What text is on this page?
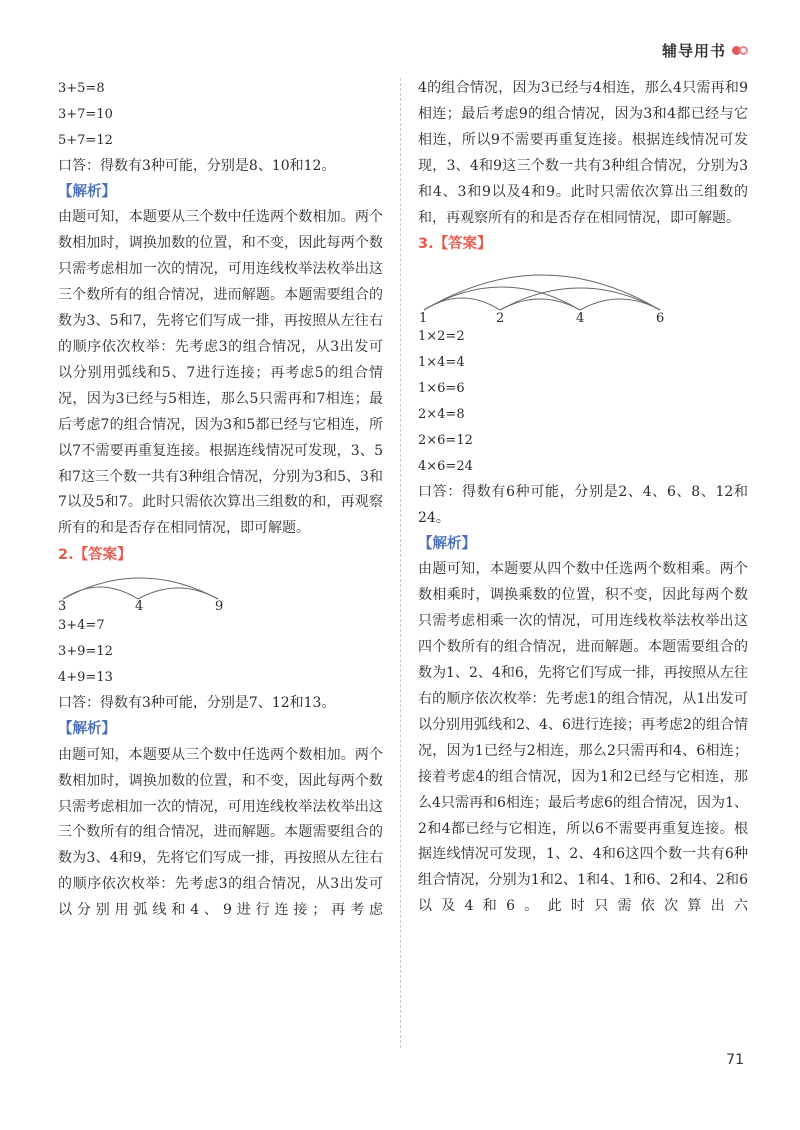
辅导用书
3+5=8
3+7=10
5+7=12
口答：得数有3种可能，分别是8、10和12。
【解析】
由题可知，本题要从三个数中任选两个数相加。两个数相加时，调换加数的位置，和不变，因此每两个数只需考虑相加一次的情况，可用连线枚举法枚举出这三个数所有的组合情况，进而解题。本题需要组合的数为3、5和7，先将它们写成一排，再按照从左往右的顺序依次枚举：先考虑3的组合情况，从3出发可以分别用弧线和5、7进行连接；再考虑5的组合情况，因为3已经与5相连，那么5只需再和7相连；最后考虑7的组合情况，因为3和5都已经与它相连，所以7不需要再重复连接。根据连线情况可发现，3、5和7这三个数一共有3种组合情况，分别为3和5、3和7以及5和7。此时只需依次算出三组数的和，再观察所有的和是否存在相同情况，即可解题。
2.【答案】
3	4	9
3+4=7
3+9=12
4+9=13
口答：得数有3种可能，分别是7、12和13。
【解析】
由题可知，本题要从三个数中任选两个数相加。两个数相加时，调换加数的位置，和不变，因此每两个数只需考虑相加一次的情况，可用连线枚举法枚举出这三个数所有的组合情况，进而解题。本题需要组合的数为3、4和9，先将它们写成一排，再按照从左往右的顺序依次枚举：先考虑3的组合情况，从3出发可以分别用弧线和4、9进行连接；再考虑
4的组合情况，因为3已经与4相连，那么4只需再和9相连；最后考虑9的组合情况，因为3和4都已经与它相连，所以9不需要再重复连接。根据连线情况可发现，3、4和9这三个数一共有3种组合情况，分别为3和4、3和9以及4和9。此时只需依次算出三组数的和，再观察所有的和是否存在相同情况，即可解题。
3.【答案】
1	2	4	6
1×2=2
1×4=4
1×6=6
2×4=8
2×6=12
4×6=24
口答：得数有6种可能，分别是2、4、6、8、12和24。
【解析】
由题可知，本题要从四个数中任选两个数相乘。两个数相乘时，调换乘数的位置，积不变，因此每两个数只需考虑相乘一次的情况，可用连线枚举法枚举出这四个数所有的组合情况，进而解题。本题需要组合的数为1、2、4和6，先将它们写成一排，再按照从左往右的顺序依次枚举：先考虑1的组合情况，从1出发可以分别用弧线和2、4、6进行连接；再考虑2的组合情况，因为1已经与2相连，那么2只需再和4、6相连；接着考虑4的组合情况，因为1和2已经与它相连，那么4只需再和6相连；最后考虑6的组合情况，因为1、2和4都已经与它相连，所以6不需要再重复连接。根据连线情况可发现，1、2、4和6这四个数一共有6种组合情况，分别为1和2、1和4、1和6、2和4、2和6以及4和6。此时只需依次算出六
71
